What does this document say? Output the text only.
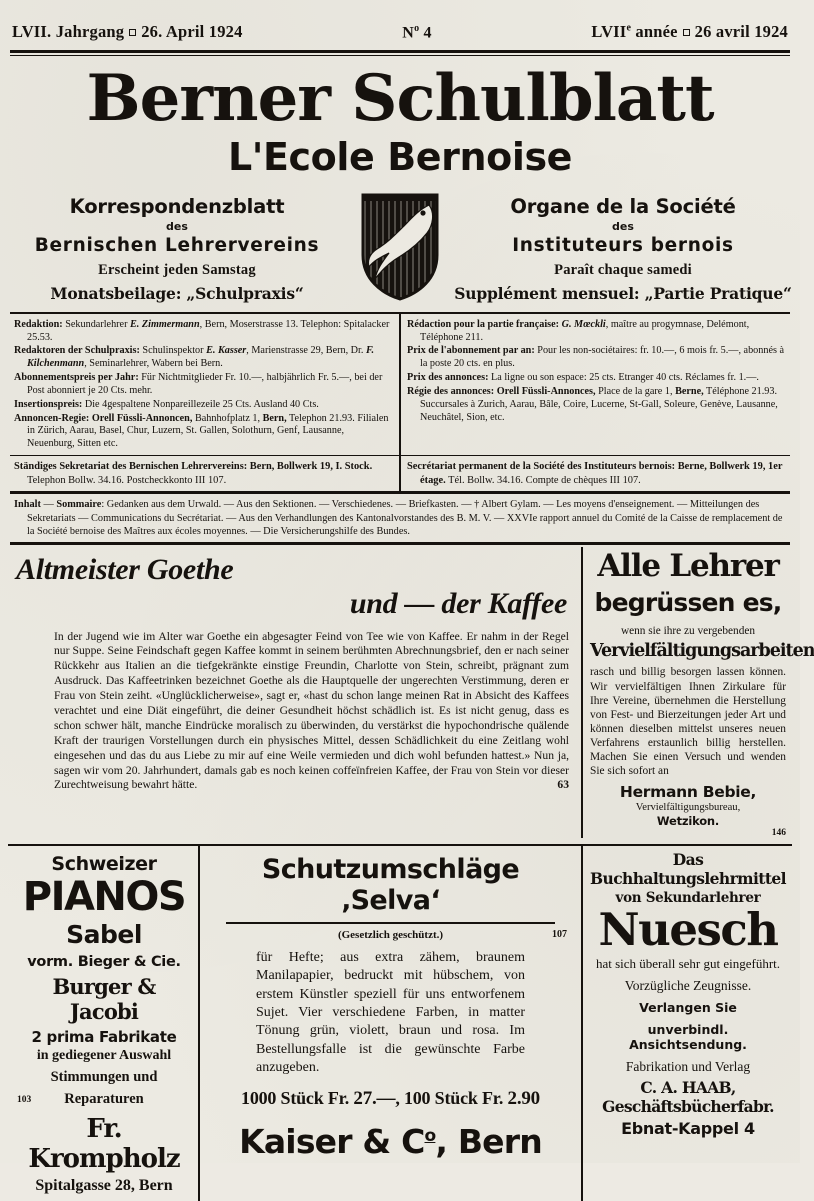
LVII. Jahrgang 26. April 1924	$N^o$ 4	LVIIe année 26 avril 1924
Berner Schulblatt
L'Ecole Bernoise
Korrespondenzblatt
des
Bernischen Lehrervereins
Erscheint jeden Samstag
Monatsbeilage: „Schulpraxis“
Organe de la Société
des
Instituteurs bernois
Paraît chaque samedi
Supplément mensuel: „Partie Pratique“

Redaktion: Sekundarlehrer E. Zimmermann, Bern, Moserstrasse 13. Telephon: Spitalacker 25.53.

Redaktoren der Schulpraxis: Schulinspektor E. Kasser, Marienstrasse 29, Bern, Dr. F. Kilchenmann, Seminarlehrer, Wabern bei Bern.

Abonnementspreis per Jahr: Für Nichtmitglieder Fr. 10.—, halbjährlich Fr. 5.—, bei der Post abonniert je 20 Cts. mehr.

Insertionspreis: Die 4gespaltene Nonpareillezeile 25 Cts. Ausland 40 Cts.

Annoncen-Regie: Orell Füssli-Annoncen, Bahnhofplatz 1, Bern, Telephon 21.93. Filialen in Zürich, Aarau, Basel, Chur, Luzern, St. Gallen, Solothurn, Genf, Lausanne, Neuenburg, Sitten etc.

Rédaction pour la partie française: G. Mœckli, maître au progymnase, Delémont, Téléphone 211.

Prix de l'abonnement par an: Pour les non-sociétaires: fr. 10.—, 6 mois fr. 5.—, abonnés à la poste 20 cts. en plus.

Prix des annonces: La ligne ou son espace: 25 cts. Etranger 40 cts. Réclames fr. 1.—.

Régie des annonces: Orell Füssli-Annonces, Place de la gare 1, Berne, Téléphone 21.93. Succursales à Zurich, Aarau, Bâle, Coire, Lucerne, St-Gall, Soleure, Genève, Lausanne, Neuchâtel, Sion, etc.

Ständiges Sekretariat des Bernischen Lehrervereins: Bern, Bollwerk 19, I. Stock. Telephon Bollw. 34.16. Postcheckkonto III 107.

Secrétariat permanent de la Société des Instituteurs bernois: Berne, Bollwerk 19, 1er étage. Tél. Bollw. 34.16. Compte de chèques III 107.

Inhalt — Sommaire: Gedanken aus dem Urwald. — Aus den Sektionen. — Verschiedenes. — Briefkasten. — † Albert Gylam. — Les moyens d'enseignement. — Mitteilungen des Sekretariats — Communications du Secrétariat. — Aus den Verhandlungen des Kantonalvorstandes des B. M. V. — XXVIe rapport annuel du Comité de la Caisse de remplacement de la Société bernoise des Maîtres aux écoles moyennes. — Die Versicherungshilfe des Bundes.
Altmeister Goethe
und — der Kaffee
In der Jugend wie im Alter war Goethe ein abgesagter Feind von Tee wie von Kaffee. Er nahm in der Regel nur Suppe. Seine Feindschaft gegen Kaffee kommt in seinem berühmten Abrechnungsbrief, den er nach seiner Rückkehr aus Italien an die tiefgekränkte einstige Freundin, Charlotte von Stein, schreibt, prägnant zum Ausdruck. Das Kaffeetrinken bezeichnet Goethe als die Hauptquelle der ungerechten Verstimmung, deren er Frau von Stein zeiht. «Unglücklicherweise», sagt er, «hast du schon lange meinen Rat in Absicht des Kaffees verachtet und eine Diät eingeführt, die deiner Gesundheit höchst schädlich ist. Es ist nicht genug, dass es schon schwer hält, manche Eindrücke moralisch zu überwinden, du verstärkst die hypochondrische quälende Kraft der traurigen Vorstellungen durch ein physisches Mittel, dessen Schädlichkeit du eine Zeitlang wohl eingesehen und das du aus Liebe zu mir auf eine Weile vermieden und dich wohl befunden hattest.» Nun ja, sagen wir vom 20. Jahrhundert, damals gab es noch keinen coffeïnfreien Kaffee, der Frau von Stein vor dieser Zurechtweisung bewahrt hätte.	63
Alle Lehrer
begrüssen es,
wenn sie ihre zu vergebenden
Vervielfältigungsarbeiten
rasch und billig besorgen lassen können. Wir vervielfältigen Ihnen Zirkulare für Ihre Vereine, übernehmen die Herstellung von Fest- und Bierzeitungen jeder Art und können dieselben mittelst unseres neuen Verfahrens erstaunlich billig herstellen. Machen Sie einen Versuch und wenden Sie sich sofort an
Hermann Bebie,
Vervielfältigungsbureau,
Wetzikon.
146
Schweizer
PIANOS
Sabel
vorm. Bieger & Cie.
Burger & Jacobi
2 prima Fabrikate
in gediegener Auswahl
Stimmungen und
Reparaturen
Fr. Krompholz
Spitalgasse 28, Bern
103
Schutzumschläge ‚Selva‘
(Gesetzlich geschützt.)	107
für Hefte; aus extra zähem, braunem Manilapapier, bedruckt mit hübschem, von erstem Künstler speziell für uns entworfenem Sujet. Vier verschiedene Farben, in matter Tönung grün, violett, braun und rosa. Im Bestellungsfalle ist die gewünschte Farbe anzugeben.
1000 Stück Fr. 27.—, 100 Stück Fr. 2.90
Kaiser & $C^o$, Bern
Das Buchhaltungslehrmittel
von Sekundarlehrer
Nuesch
hat sich überall sehr gut eingeführt.
Vorzügliche Zeugnisse.
Verlangen Sie
unverbindl. Ansichtsendung.
Fabrikation und Verlag
C. A. HAAB, Geschäftsbücherfabr.
Ebnat-Kappel 4
